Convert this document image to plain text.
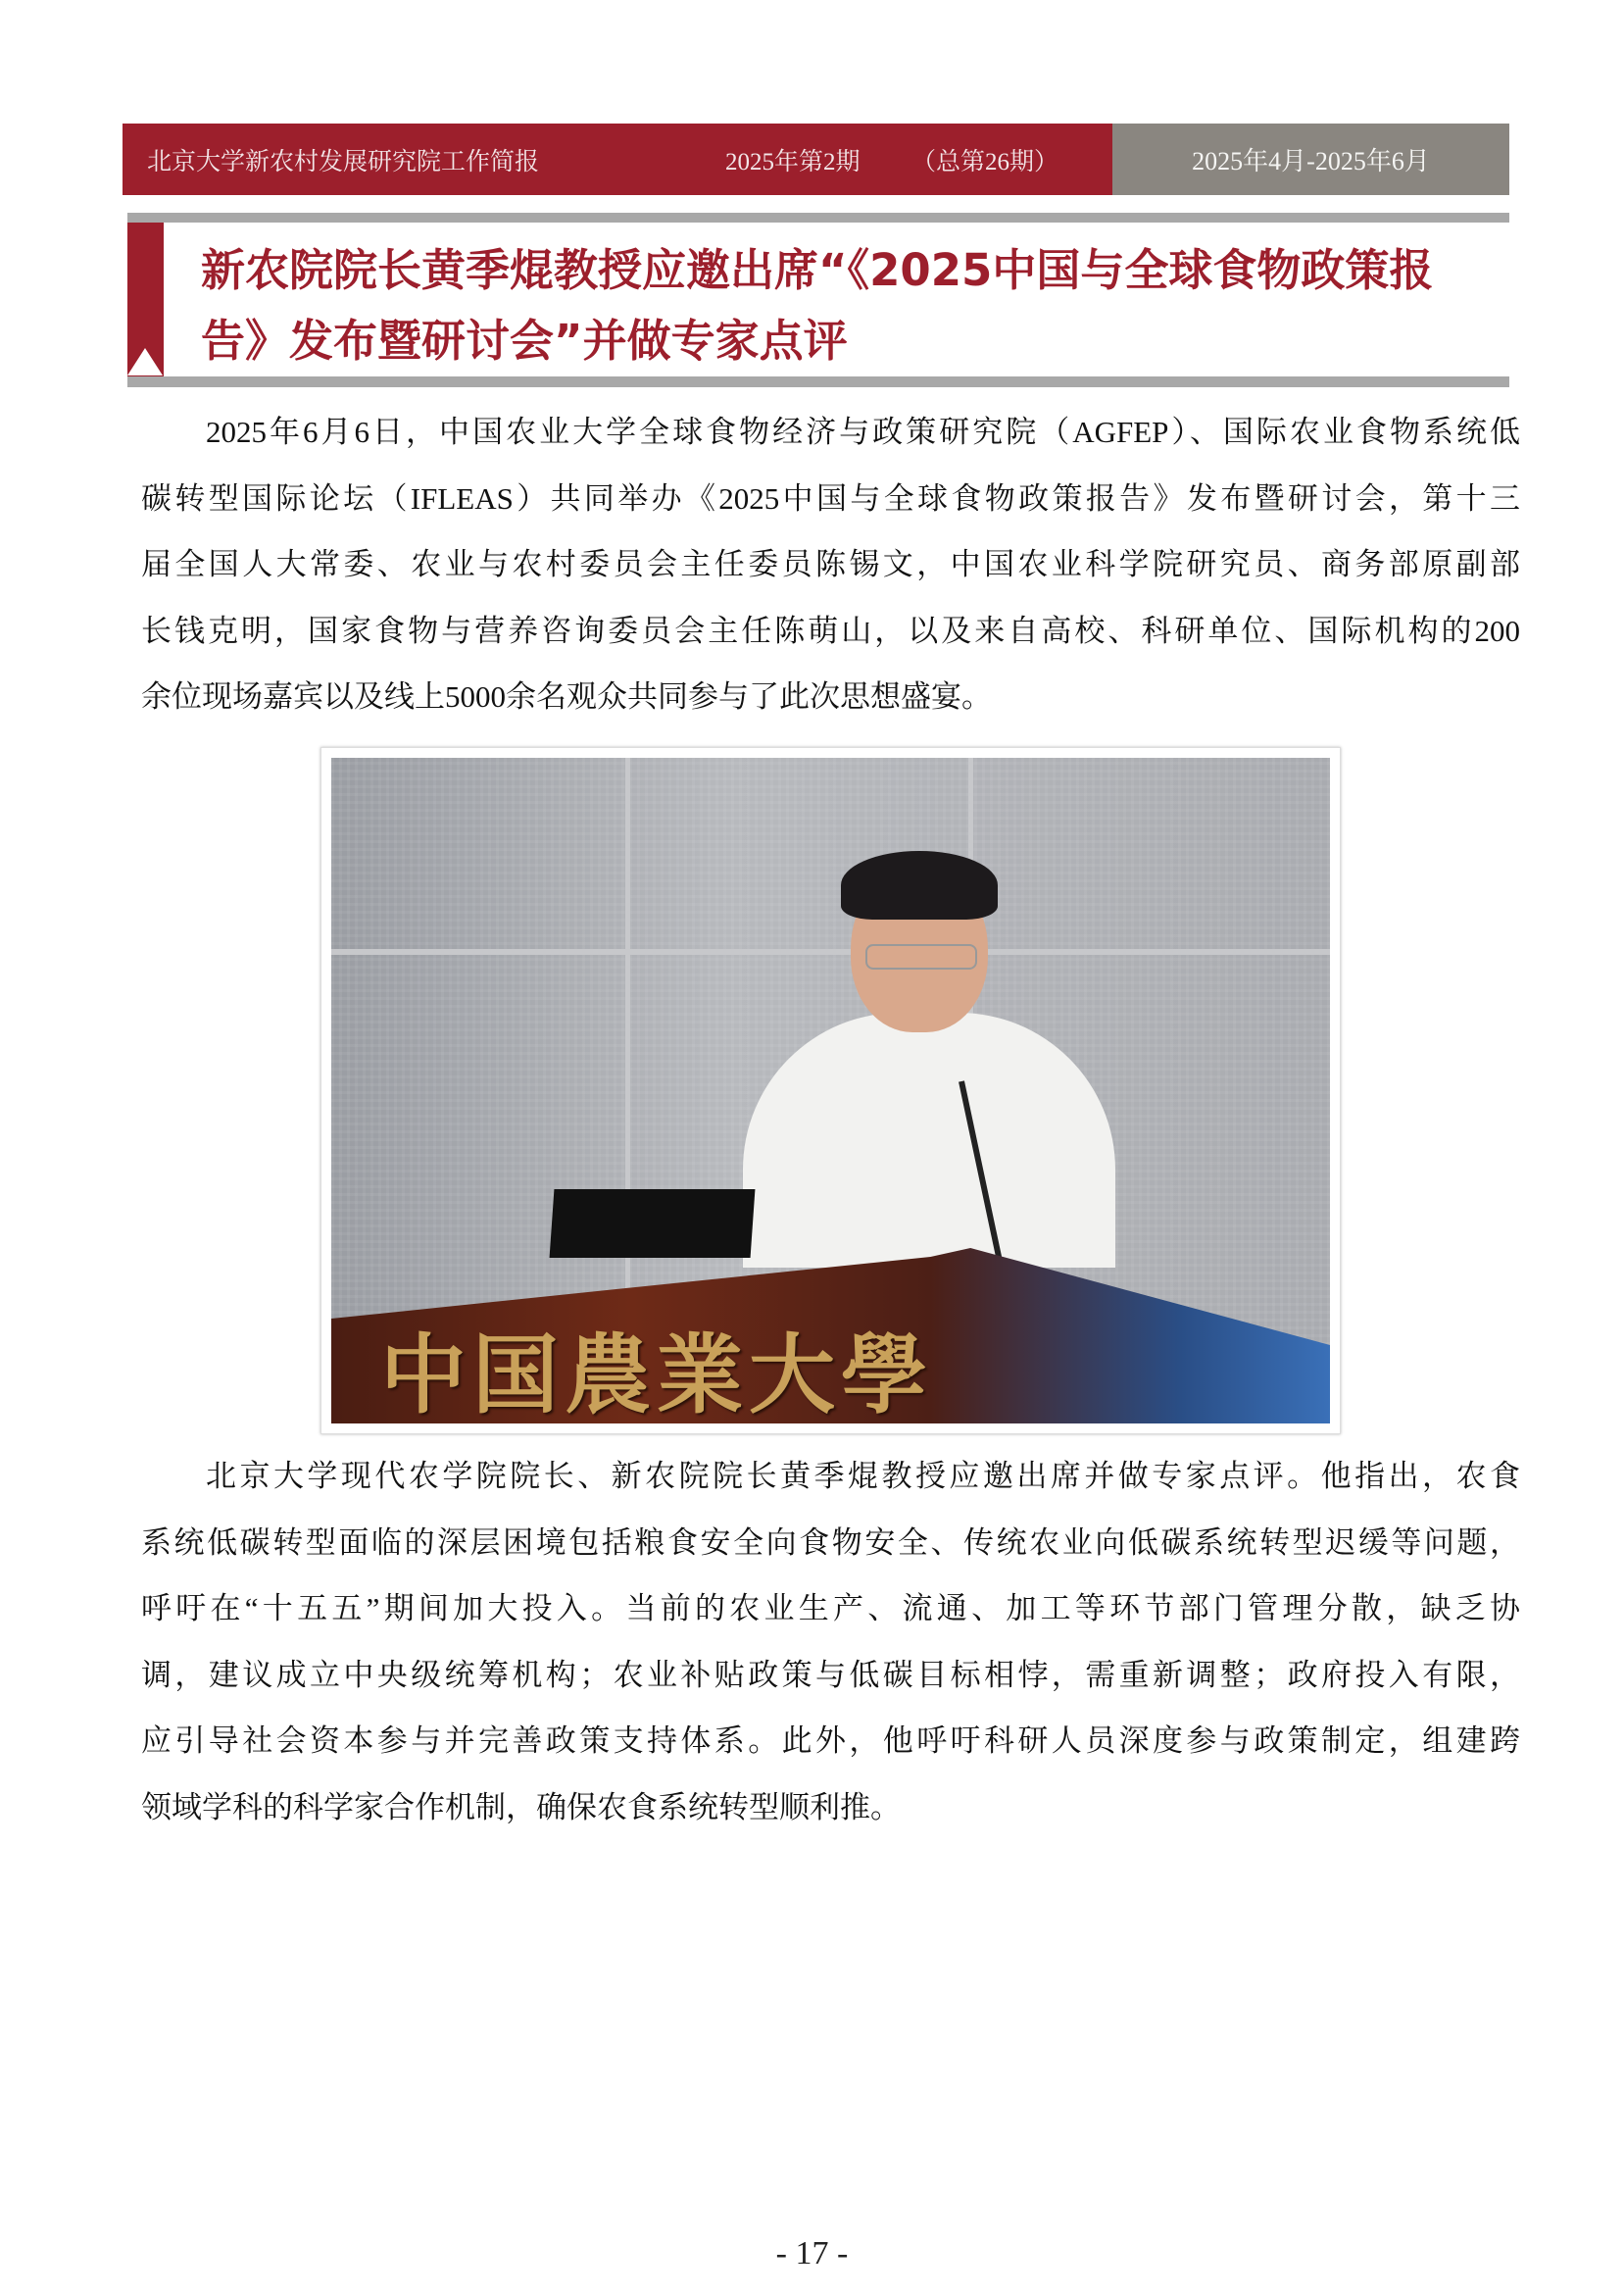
北京大学新农村发展研究院工作简报	2025年第2期 （总第26期）	2025年4月-2025年6月
新农院院长黄季焜教授应邀出席“《2025中国与全球食物政策报
告》发布暨研讨会”并做专家点评
2025年6月6日，中国农业大学全球食物经济与政策研究院（AGFEP）、国际农业食物系统低
碳转型国际论坛（IFLEAS）共同举办《2025中国与全球食物政策报告》发布暨研讨会，第十三
届全国人大常委、农业与农村委员会主任委员陈锡文，中国农业科学院研究员、商务部原副部
长钱克明，国家食物与营养咨询委员会主任陈萌山，以及来自高校、科研单位、国际机构的200
余位现场嘉宾以及线上5000余名观众共同参与了此次思想盛宴。
中国農業大學
北京大学现代农学院院长、新农院院长黄季焜教授应邀出席并做专家点评。他指出，农食
系统低碳转型面临的深层困境包括粮食安全向食物安全、传统农业向低碳系统转型迟缓等问题，
呼吁在“十五五”期间加大投入。当前的农业生产、流通、加工等环节部门管理分散，缺乏协
调，建议成立中央级统筹机构；农业补贴政策与低碳目标相悖，需重新调整；政府投入有限，
应引导社会资本参与并完善政策支持体系。此外，他呼吁科研人员深度参与政策制定，组建跨
领域学科的科学家合作机制，确保农食系统转型顺利推。
- 17 -
